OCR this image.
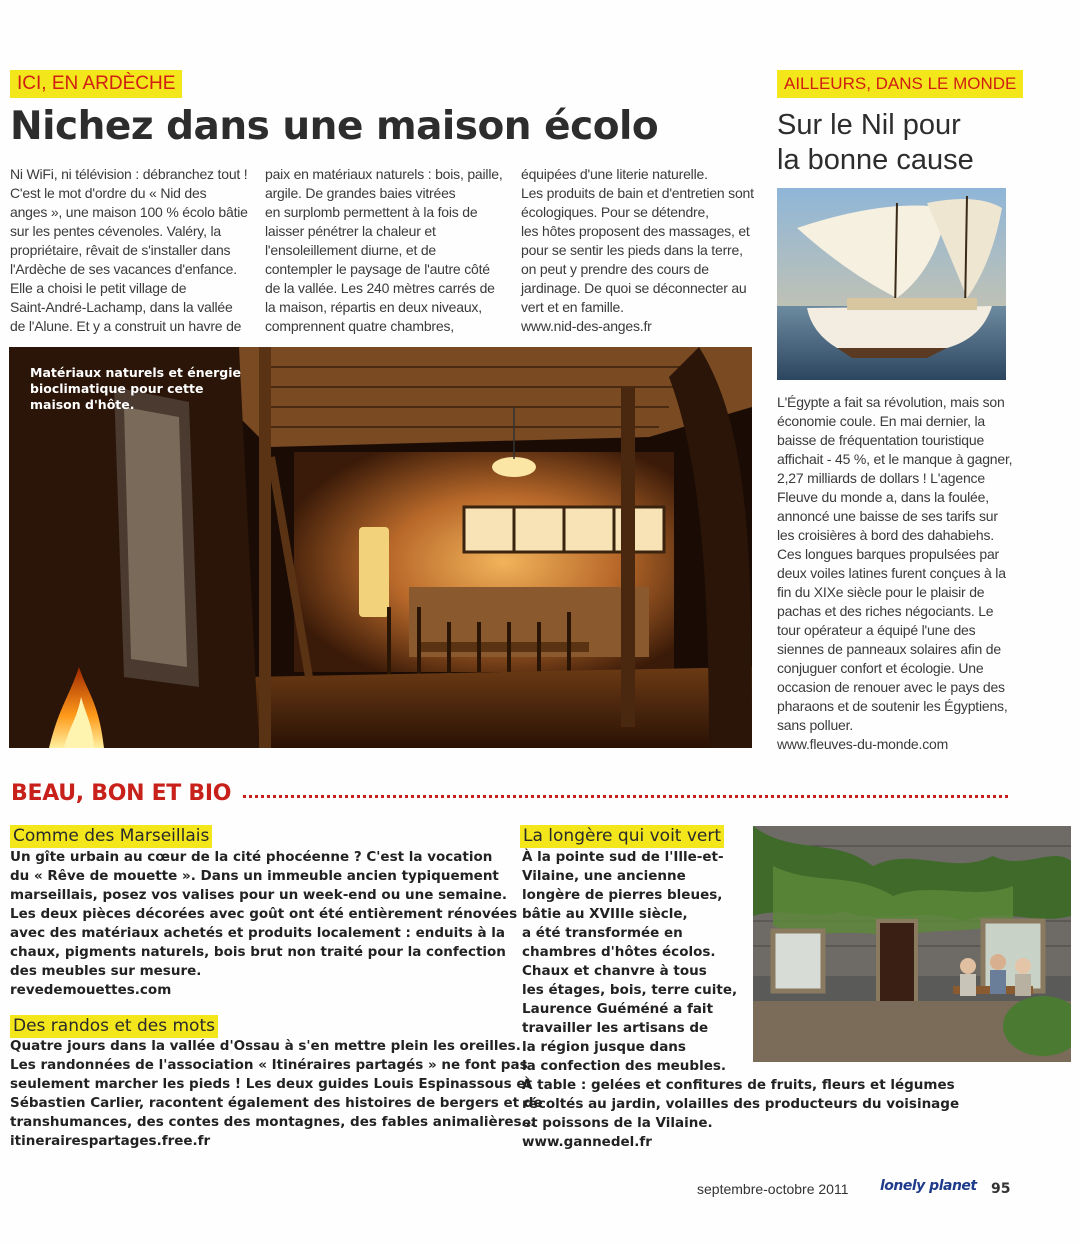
ICI, EN ARDÈCHE
Nichez dans une maison écolo

Ni WiFi, ni télévision : débranchez tout !

C'est le mot d'ordre du « Nid des

anges », une maison 100 % écolo bâtie

sur les pentes cévenoles. Valéry, la

propriétaire, rêvait de s'installer dans

l'Ardèche de ses vacances d'enfance.

Elle a choisi le petit village de

Saint-André-Lachamp, dans la vallée

de l'Alune. Et y a construit un havre de

paix en matériaux naturels : bois, paille,

argile. De grandes baies vitrées

en surplomb permettent à la fois de

laisser pénétrer la chaleur et

l'ensoleillement diurne, et de

contempler le paysage de l'autre côté

de la vallée. Les 240 mètres carrés de

la maison, répartis en deux niveaux,

comprennent quatre chambres,

équipées d'une literie naturelle.

Les produits de bain et d'entretien sont

écologiques. Pour se détendre,

les hôtes proposent des massages, et

pour se sentir les pieds dans la terre,

on peut y prendre des cours de

jardinage. De quoi se déconnecter au

vert et en famille.

www.nid-des-anges.fr

Matériaux naturels et énergie bioclimatique pour cette maison d'hôte.
AILLEURS, DANS LE MONDE
Sur le Nil pour
la bonne cause

L'Égypte a fait sa révolution, mais son

économie coule. En mai dernier, la

baisse de fréquentation touristique

affichait - 45 %, et le manque à gagner,

2,27 milliards de dollars ! L'agence

Fleuve du monde a, dans la foulée,

annoncé une baisse de ses tarifs sur

les croisières à bord des dahabiehs.

Ces longues barques propulsées par

deux voiles latines furent conçues à la

fin du XIXe siècle pour le plaisir de

pachas et des riches négociants. Le

tour opérateur a équipé l'une des

siennes de panneaux solaires afin de

conjuguer confort et écologie. Une

occasion de renouer avec le pays des

pharaons et de soutenir les Égyptiens,

sans polluer.

www.fleuves-du-monde.com

BEAU, BON ET BIO
Comme des Marseillais

Un gîte urbain au cœur de la cité phocéenne ? C'est la vocation

du « Rêve de mouette ». Dans un immeuble ancien typiquement

marseillais, posez vos valises pour un week-end ou une semaine.

Les deux pièces décorées avec goût ont été entièrement rénovées

avec des matériaux achetés et produits localement : enduits à la

chaux, pigments naturels, bois brut non traité pour la confection

des meubles sur mesure.

revedemouettes.com

Des randos et des mots

Quatre jours dans la vallée d'Ossau à s'en mettre plein les oreilles.

Les randonnées de l'association « Itinéraires partagés » ne font pas

seulement marcher les pieds ! Les deux guides Louis Espinassous et

Sébastien Carlier, racontent également des histoires de bergers et de

transhumances, des contes des montagnes, des fables animalières…

itinerairespartages.free.fr

La longère qui voit vert

À la pointe sud de l'Ille-et-

Vilaine, une ancienne

longère de pierres bleues,

bâtie au XVIIIe siècle,

a été transformée en

chambres d'hôtes écolos.

Chaux et chanvre à tous

les étages, bois, terre cuite,

Laurence Guéméné a fait

travailler les artisans de

la région jusque dans

la confection des meubles.

À table : gelées et confitures de fruits, fleurs et légumes

récoltés au jardin, volailles des producteurs du voisinage

et poissons de la Vilaine.

www.gannedel.fr

septembre-octobre 2011 lonely planet 95
